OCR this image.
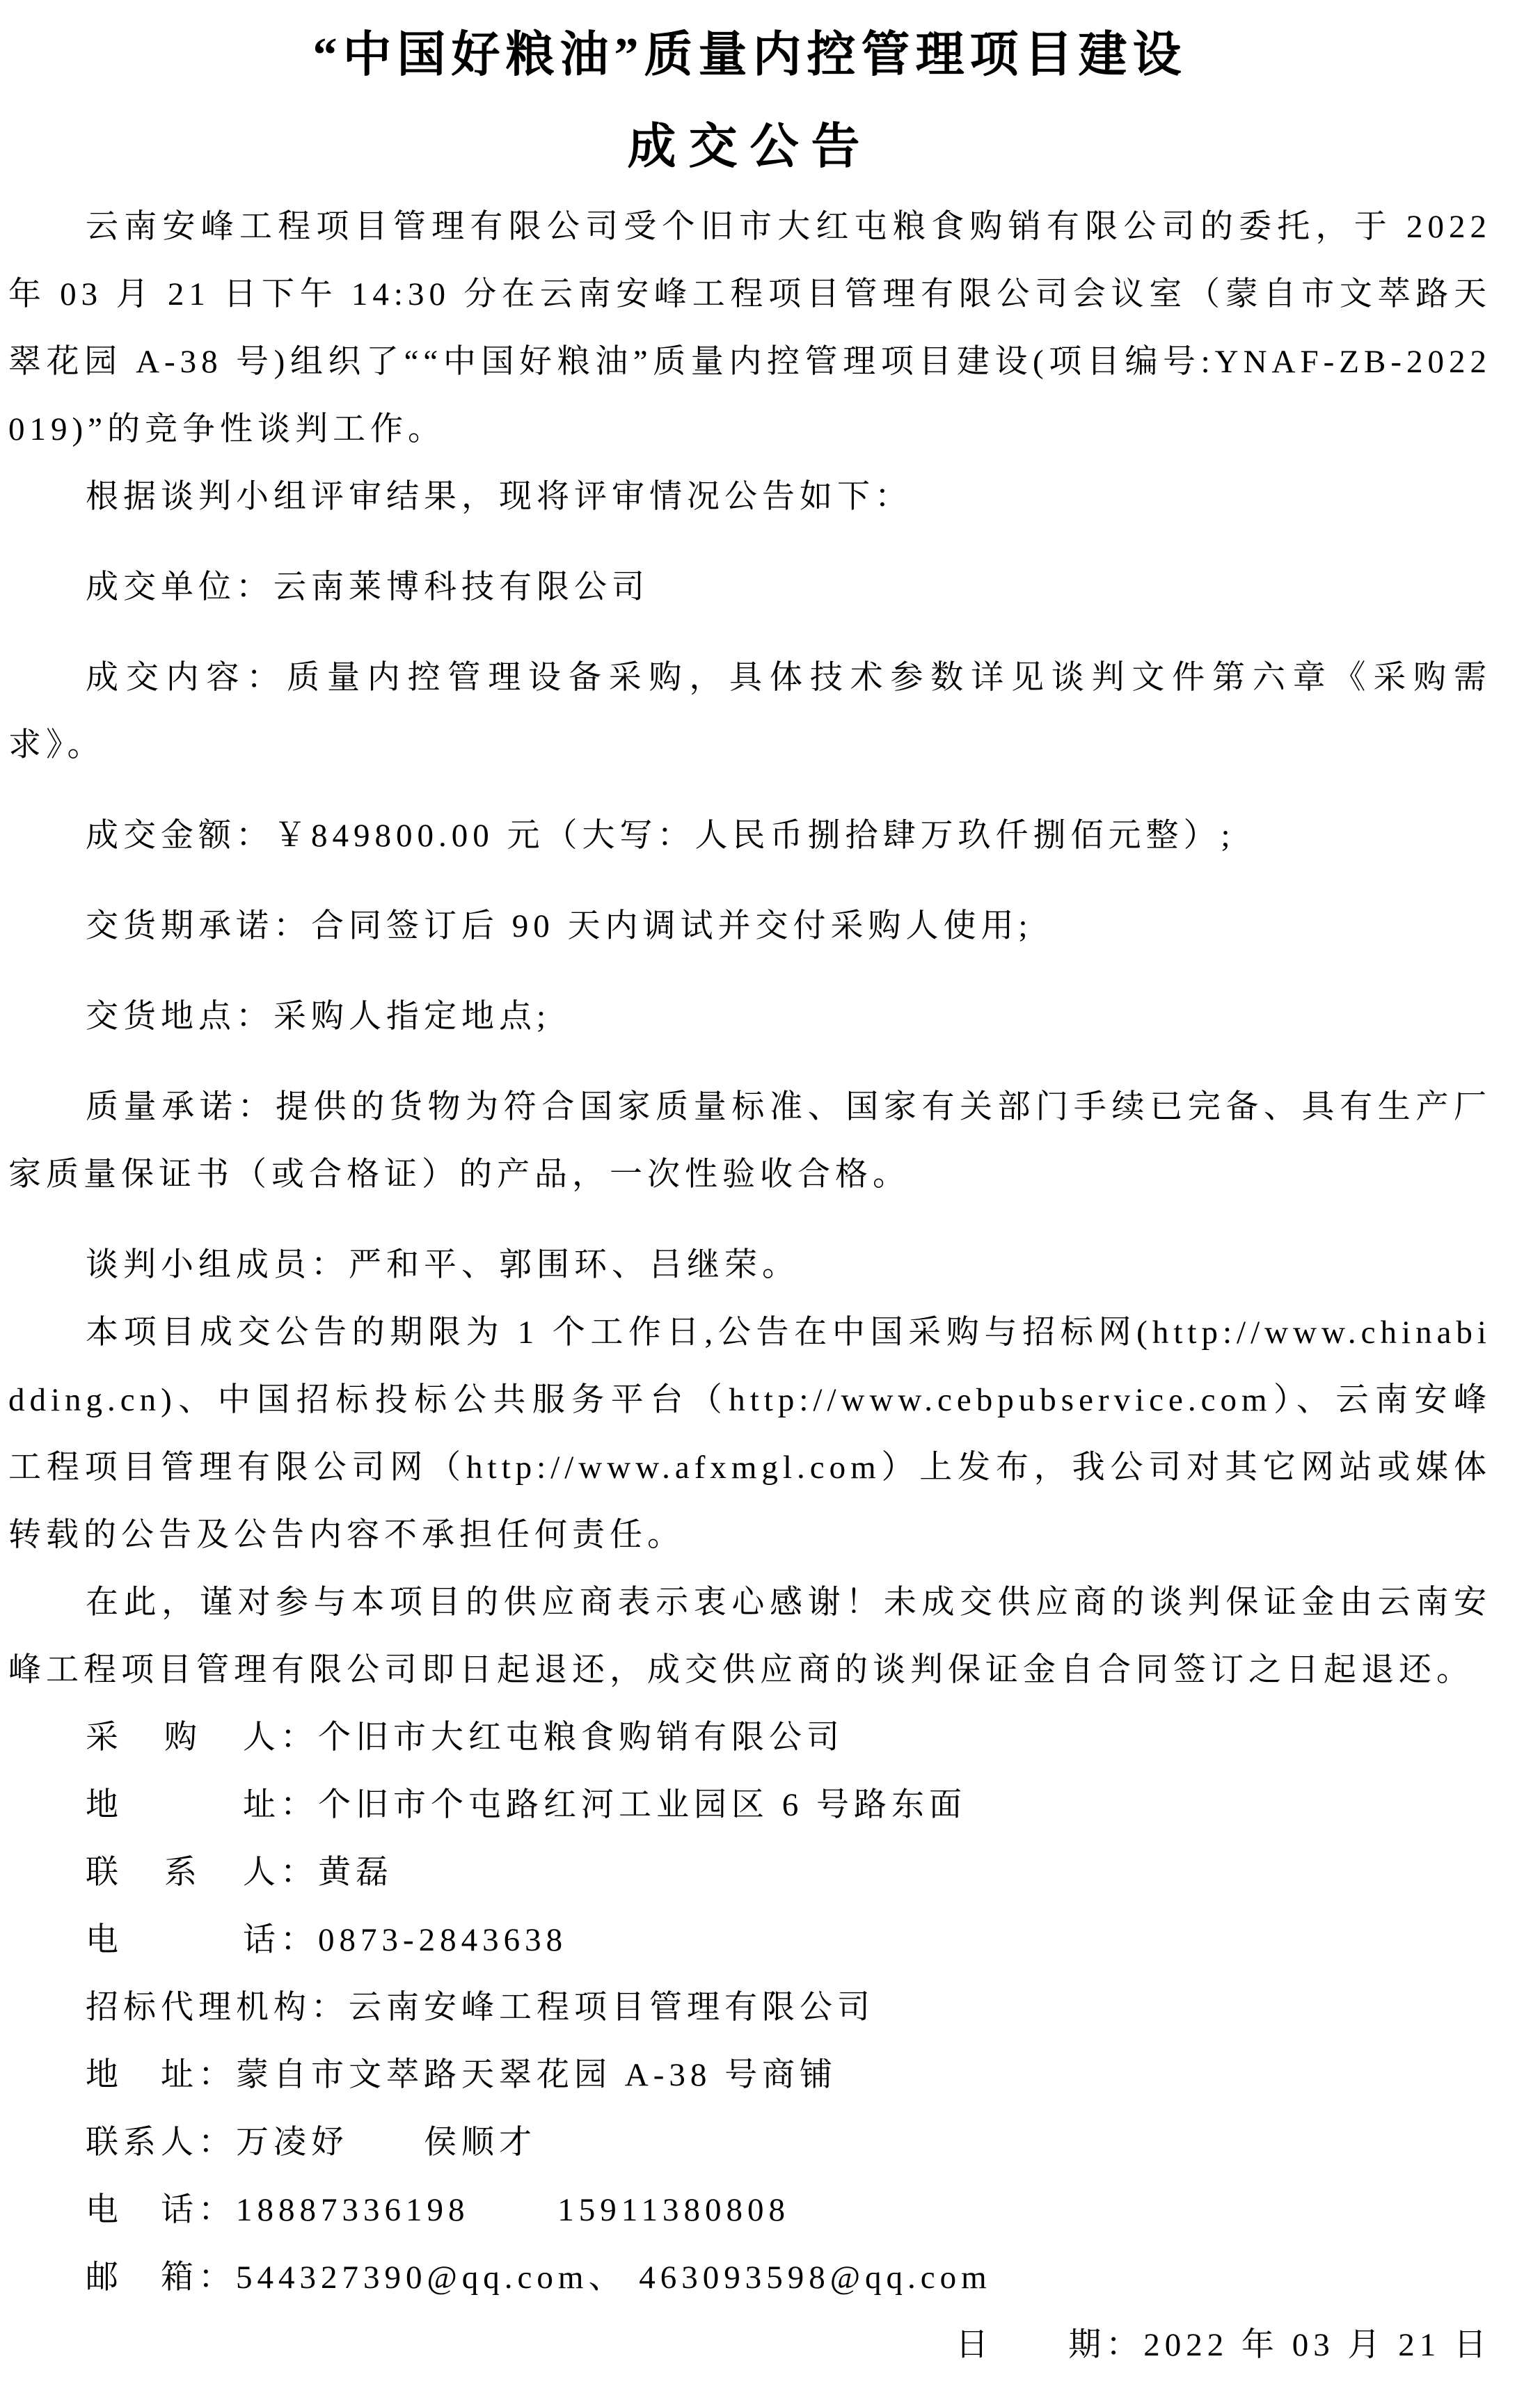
“中国好粮油”质量内控管理项目建设
成交公告

云南安峰工程项目管理有限公司受个旧市大红屯粮食购销有限公司的委托，于 2022 年 03 月 21 日下午 14:30 分在云南安峰工程项目管理有限公司会议室（蒙自市文萃路天翠花园 A-38 号)组织了““中国好粮油”质量内控管理项目建设(项目编号:YNAF-ZB-2022019)”的竞争性谈判工作。

根据谈判小组评审结果，现将评审情况公告如下：

成交单位：云南莱博科技有限公司

成交内容：质量内控管理设备采购，具体技术参数详见谈判文件第六章《采购需求》。

成交金额：￥849800.00 元（大写：人民币捌拾肆万玖仟捌佰元整）;

交货期承诺：合同签订后 90 天内调试并交付采购人使用;

交货地点：采购人指定地点;

质量承诺：提供的货物为符合国家质量标准、国家有关部门手续已完备、具有生产厂家质量保证书（或合格证）的产品，一次性验收合格。

谈判小组成员：严和平、郭围环、吕继荣。

本项目成交公告的期限为 1 个工作日,公告在中国采购与招标网(http://www.chinabidding.cn)、中国招标投标公共服务平台（http://www.cebpubservice.com）、云南安峰工程项目管理有限公司网（http://www.afxmgl.com）上发布，我公司对其它网站或媒体转载的公告及公告内容不承担任何责任。

在此，谨对参与本项目的供应商表示衷心感谢！未成交供应商的谈判保证金由云南安峰工程项目管理有限公司即日起退还，成交供应商的谈判保证金自合同签订之日起退还。

采购人：个旧市大红屯粮食购销有限公司

地址：个旧市个屯路红河工业园区 6 号路东面

联系人：黄磊

电话：0873-2843638

招标代理机构：云南安峰工程项目管理有限公司

地　址：蒙自市文萃路天翠花园 A-38 号商铺

联系人：万凌妤　　侯顺才

电　话：18887336198　　 15911380808

邮　箱：544327390@qq.com、 463093598@qq.com

日　　期：2022 年 03 月 21 日
